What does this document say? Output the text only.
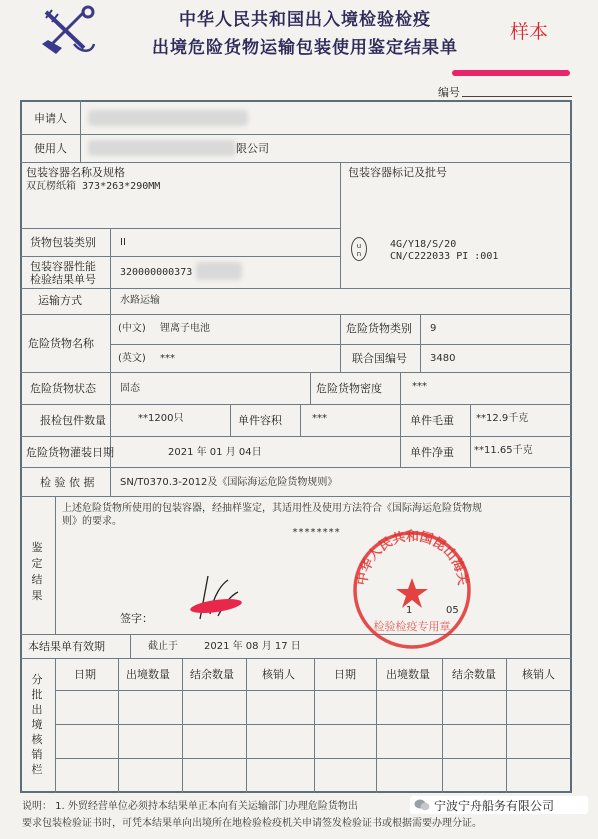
中华人民共和国出入境检验检疫
出境危险货物运输包装使用鉴定结果单
样本
编号
申请人
使用人	限公司
包装容器名称及规格
双瓦楞纸箱 373*263*290MM
包装容器标记及批号
u
n
4G/Y18/S/20
CN/C222033 PI :001
货物包装类别 II
包装容器性能
检验结果单号
320000000373
运输方式	水路运输
危险货物名称
(中文) 锂离子电池
(英文) ***
危险货物类别 9
联合国编号 3480
危险货物状态 固态	危险货物密度	***
报检包件数量	**1200只	单件容积	***	单件毛重 **12.9千克
危险货物灌装日期	2021 年 01 月 04日	单件净重 **11.65千克
检 验 依 据	SN/T0370.3-2012及《国际海运危险货物规则》
鉴定结果
上述危险货物所使用的包装容器，经抽样鉴定，其适用性及使用方法符合《国际海运危险货物规
则》的要求。
********
签字：
中华人民共和国昆山海关
检验检疫专用章
1	05
本结果单有效期	截止于	2021 年 08 月 17 日
分批出境核销栏
日期	出境数量 结余数量	核销人	日期	出境数量 结余数量 核销人
说明： 1. 外贸经营单位必须持本结果单正本向有关运输部门办理危险货物出
要求包装检验证书时，可凭本结果单向出境所在地检验检疫机关申请签发检验证书或根据需要办理分证。
宁波宁舟船务有限公司
